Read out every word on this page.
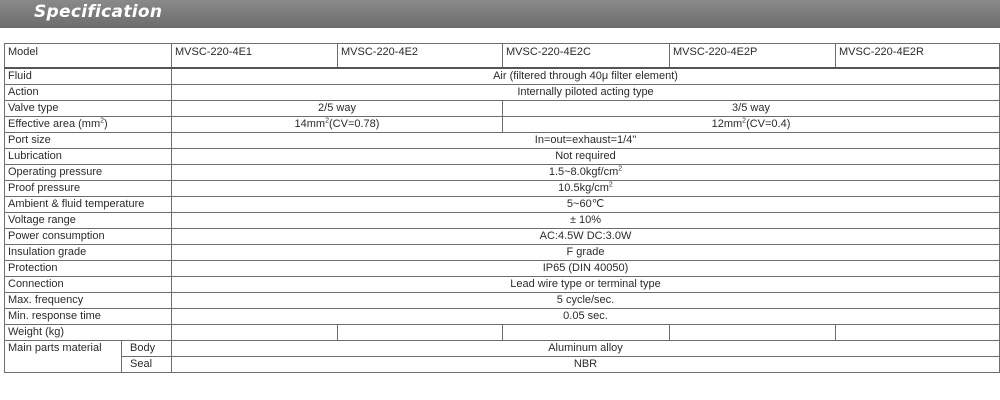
Specification
Model		MVSC-220-4E1	MVSC-220-4E2	MVSC-220-4E2C	MVSC-220-4E2P	MVSC-220-4E2R
Fluid		Air (filtered through 40μ filter element)				
Action		Internally piloted acting type				
Valve type		2/5 way		3/5 way		
Effective area $(mm^2)$		$14mm^2(CV=0.78)$		$12mm^2(CV=0.4)$		
Port size		In=out=exhaust=1/4"				
Lubrication		Not required				
Operating pressure		$1.5\sim 8.0kgf/cm^2$
Proof pressure		$10.5kg/cm^2$
Ambient & fluid temperature		5~60℃				
Voltage range		± 10%				
Power consumption		AC:4.5W DC:3.0W				
Insulation grade		F grade				
Protection		IP65 (DIN 40050)				
Connection		Lead wire type or terminal type				
Max. frequency		5 cycle/sec.				
Min. response time		0.05 sec.				
Weight (kg)						
Main parts material	Body	Aluminum alloy				
	Seal	NBR				
